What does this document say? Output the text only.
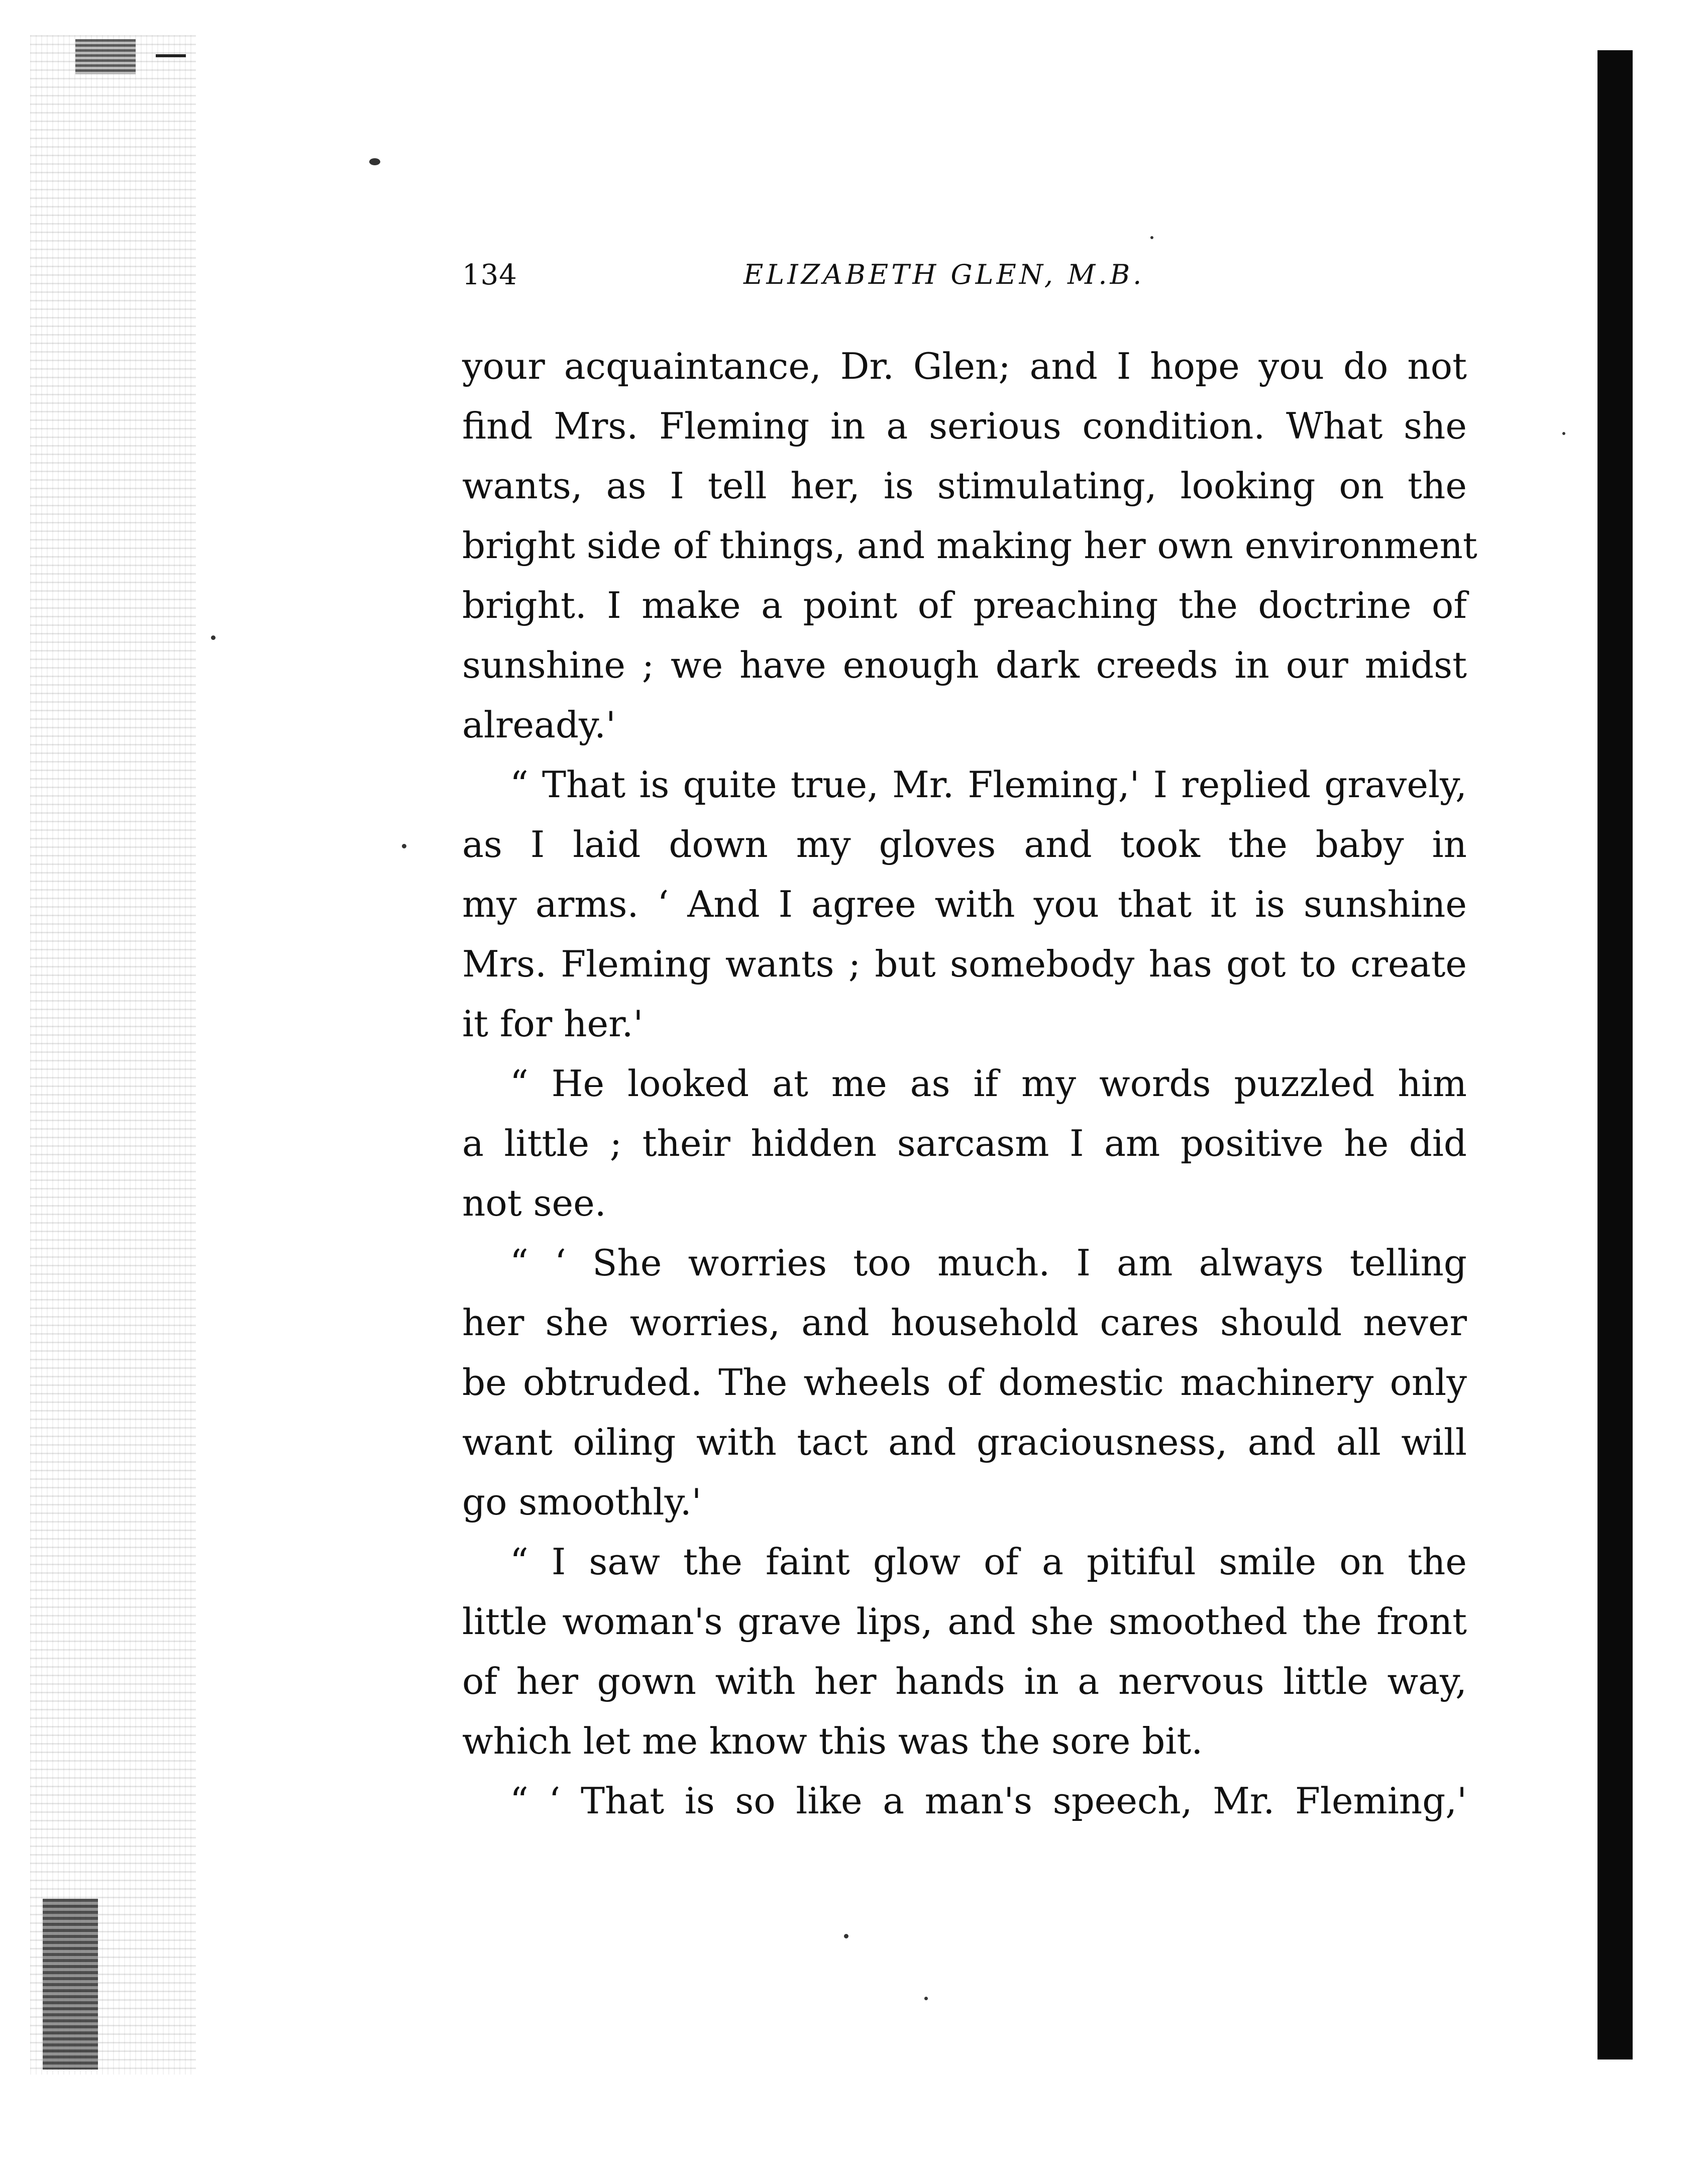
134	ELIZABETH GLEN, M.B.
your acquaintance, Dr. Glen; and I hope you do not
find Mrs. Fleming in a serious condition. What she
wants, as I tell her, is stimulating, looking on the
bright side of things, and making her own environment
bright. I make a point of preaching the doctrine of
sunshine ; we have enough dark creeds in our midst
already.'
“ That is quite true, Mr. Fleming,' I replied gravely,
as I laid down my gloves and took the baby in
my arms. ‘ And I agree with you that it is sunshine
Mrs. Fleming wants ; but somebody has got to create
it for her.'
“ He looked at me as if my words puzzled him
a little ; their hidden sarcasm I am positive he did
not see.
“ ‘ She worries too much. I am always telling
her she worries, and household cares should never
be obtruded. The wheels of domestic machinery only
want oiling with tact and graciousness, and all will
go smoothly.'
“ I saw the faint glow of a pitiful smile on the
little woman's grave lips, and she smoothed the front
of her gown with her hands in a nervous little way,
which let me know this was the sore bit.
“ ‘ That is so like a man's speech, Mr. Fleming,'
